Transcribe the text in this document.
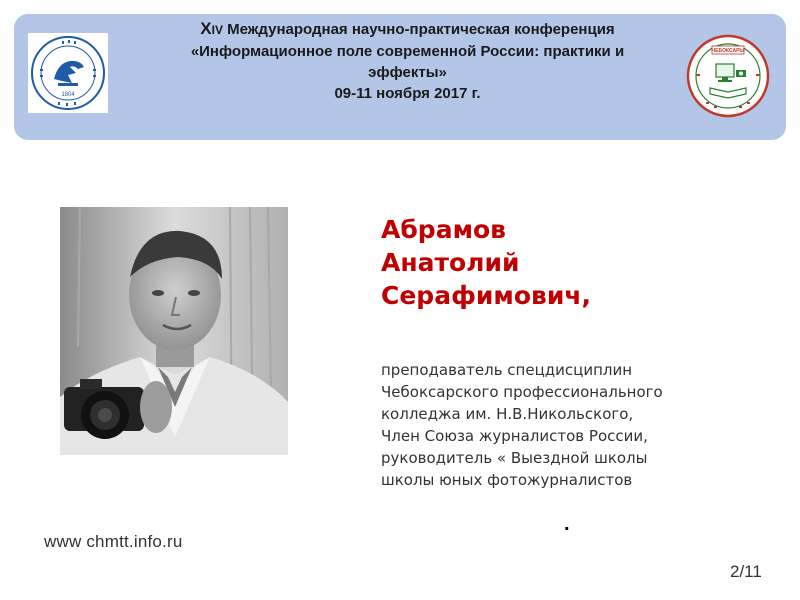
1804
ЧЕБОКСАРЫ
XIV Международная научно-практическая конференция
«Информационное поле современной России: практики и
эффекты»
09-11 ноября 2017 г.
Абрамов
Анатолий
Серафимович,
преподаватель спецдисциплин
Чебоксарского профессионального
колледжа им. Н.В.Никольского,
Член Союза журналистов России,
руководитель « Выездной школы
школы юных фотожурналистов
.
www chmtt.info.ru
2/11
